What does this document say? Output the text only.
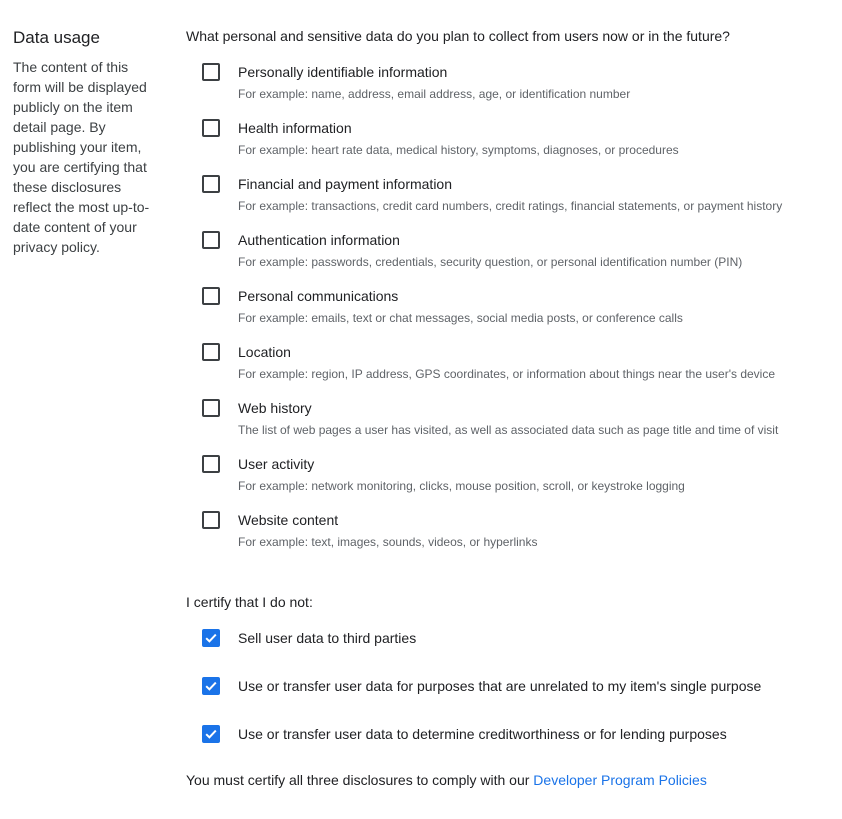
Data usage

The content of this form will be displayed publicly on the item detail page. By publishing your item, you are certifying that these disclosures reflect the most up-to-date content of your privacy policy.

What personal and sensitive data do you plan to collect from users now or in the future?

Personally identifiable information
For example: name, address, email address, age, or identification number
Health information
For example: heart rate data, medical history, symptoms, diagnoses, or procedures
Financial and payment information
For example: transactions, credit card numbers, credit ratings, financial statements, or payment history
Authentication information
For example: passwords, credentials, security question, or personal identification number (PIN)
Personal communications
For example: emails, text or chat messages, social media posts, or conference calls
Location
For example: region, IP address, GPS coordinates, or information about things near the user's device
Web history
The list of web pages a user has visited, as well as associated data such as page title and time of visit
User activity
For example: network monitoring, clicks, mouse position, scroll, or keystroke logging
Website content
For example: text, images, sounds, videos, or hyperlinks

I certify that I do not:

Sell user data to third parties
Use or transfer user data for purposes that are unrelated to my item's single purpose
Use or transfer user data to determine creditworthiness or for lending purposes
You must certify all three disclosures to comply with our Developer Program Policies
